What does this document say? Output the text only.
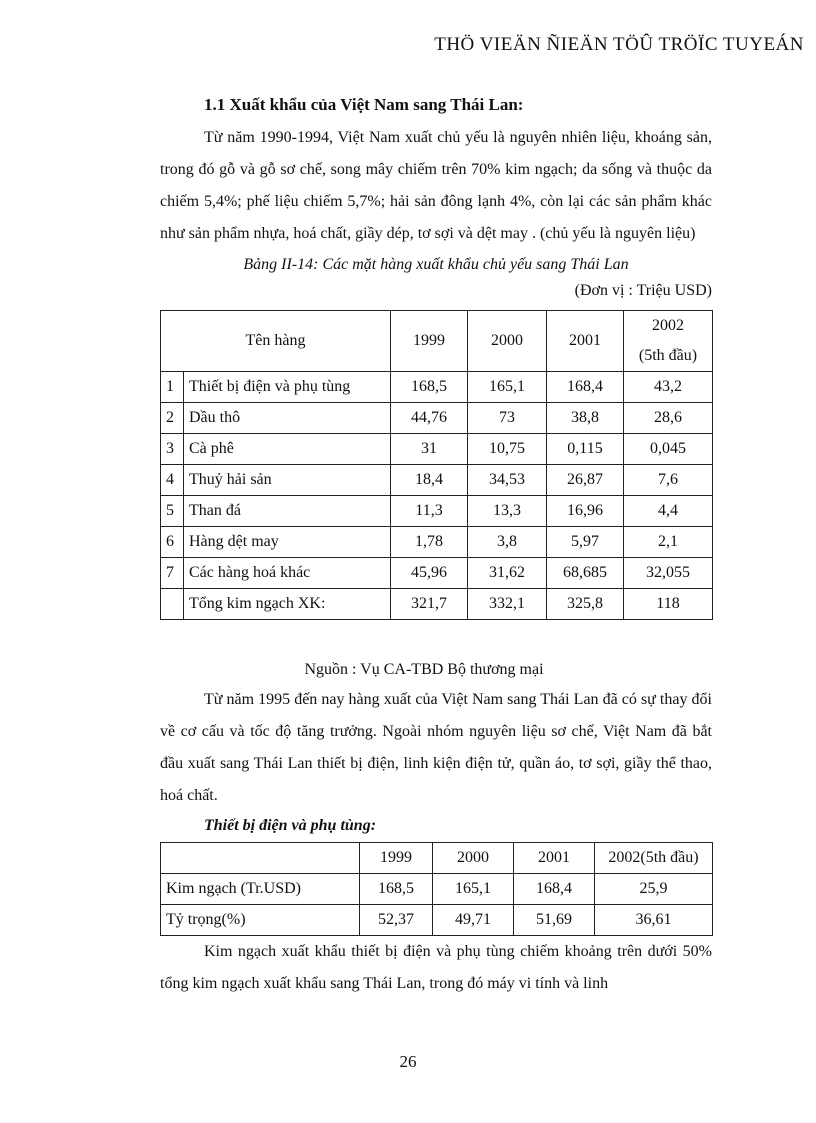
THÖ VIEÄN ÑIEÄN TÖÛ TRÖÏC TUYEÁN
1.1 Xuất khẩu của Việt Nam sang Thái Lan:

Từ năm 1990-1994, Việt Nam xuất chủ yếu là nguyên nhiên liệu, khoáng sản, trong đó gỗ và gỗ sơ chế, song mây chiếm trên 70% kim ngạch; da sống và thuộc da chiếm 5,4%; phế liệu chiếm 5,7%; hải sản đông lạnh 4%, còn lại các sản phẩm khác như sản phẩm nhựa, hoá chất, giầy dép, tơ sợi và dệt may . (chủ yếu là nguyên liệu)

Bảng II-14: Các mặt hàng xuất khẩu chủ yếu sang Thái Lan
(Đơn vị : Triệu USD)
Tên hàng		1999	2000	2001	2002
(5th đầu)

1	Thiết bị điện và phụ tùng	168,5	165,1	168,4	43,2
2	Dầu thô	44,76	73	38,8	28,6
3	Cà phê	31	10,75	0,115	0,045
4	Thuỷ hải sản	18,4	34,53	26,87	7,6
5	Than đá	11,3	13,3	16,96	4,4
6	Hàng dệt may	1,78	3,8	5,97	2,1
7	Các hàng hoá khác	45,96	31,62	68,685	32,055
	Tổng kim ngạch XK:	321,7	332,1	325,8	118
Nguồn : Vụ CA-TBD Bộ thương mại

Từ năm 1995 đến nay hàng xuất của Việt Nam sang Thái Lan đã có sự thay đổi về cơ cấu và tốc độ tăng trưởng. Ngoài nhóm nguyên liệu sơ chế, Việt Nam đã bắt đầu xuất sang Thái Lan thiết bị điện, linh kiện điện tử, quần áo, tơ sợi, giầy thể thao, hoá chất.

Thiết bị điện và phụ tùng:
	1999	2000	2001	2002(5th đầu)
Kim ngạch (Tr.USD)	168,5	165,1	168,4	25,9
Tỷ trọng(%)	52,37	49,71	51,69	36,61

Kim ngạch xuất khẩu thiết bị điện và phụ tùng chiếm khoảng trên dưới 50% tổng kim ngạch xuất khẩu sang Thái Lan, trong đó máy vi tính và linh

26
